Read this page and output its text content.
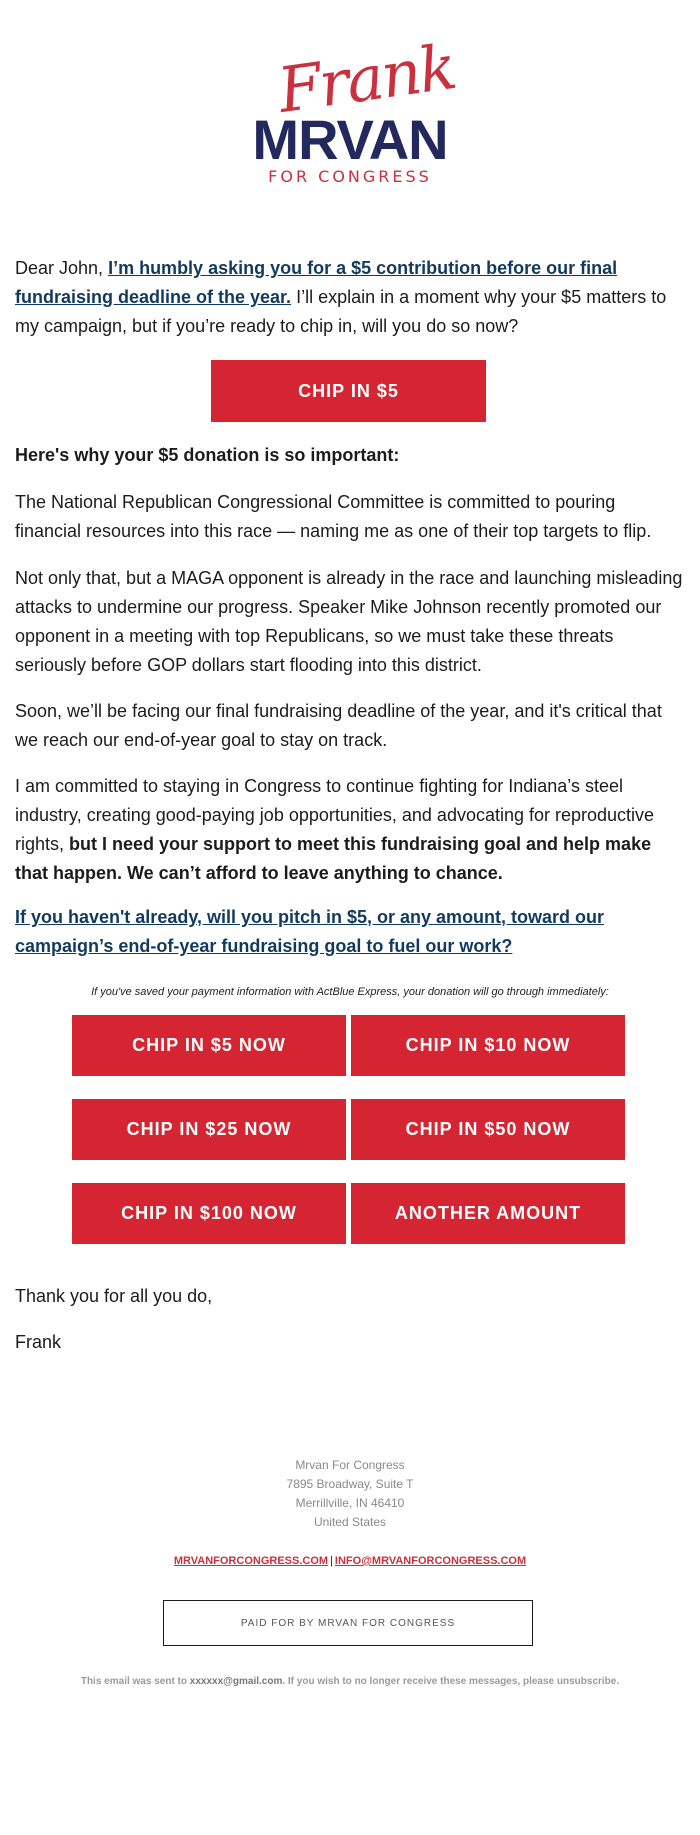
Frank
MRVAN
FOR CONGRESS

Dear John, I’m humbly asking you for a $5 contribution before our final fundraising deadline of the year. I’ll explain in a moment why your $5 matters to my campaign, but if you’re ready to chip in, will you do so now?

CHIP IN $5

Here's why your $5 donation is so important:

The National Republican Congressional Committee is committed to pouring financial resources into this race — naming me as one of their top targets to flip.

Not only that, but a MAGA opponent is already in the race and launching misleading attacks to undermine our progress. Speaker Mike Johnson recently promoted our opponent in a meeting with top Republicans, so we must take these threats seriously before GOP dollars start flooding into this district.

Soon, we’ll be facing our final fundraising deadline of the year, and it's critical that we reach our end-of-year goal to stay on track.

I am committed to staying in Congress to continue fighting for Indiana’s steel industry, creating good-paying job opportunities, and advocating for reproductive rights, but I need your support to meet this fundraising goal and help make that happen. We can’t afford to leave anything to chance.

If you haven't already, will you pitch in $5, or any amount, toward our campaign’s end-of-year fundraising goal to fuel our work?

If you've saved your payment information with ActBlue Express, your donation will go through immediately:
CHIP IN $5 NOW	CHIP IN $10 NOW
CHIP IN $25 NOW	CHIP IN $50 NOW
CHIP IN $100 NOW	ANOTHER AMOUNT

Thank you for all you do,

Frank

Mrvan For Congress
7895 Broadway, Suite T
Merrillville, IN 46410
United States
MRVANFORCONGRESS.COM | INFO@MRVANFORCONGRESS.COM
PAID FOR BY MRVAN FOR CONGRESS
This email was sent to xxxxxx@gmail.com. If you wish to no longer receive these messages, please unsubscribe.
